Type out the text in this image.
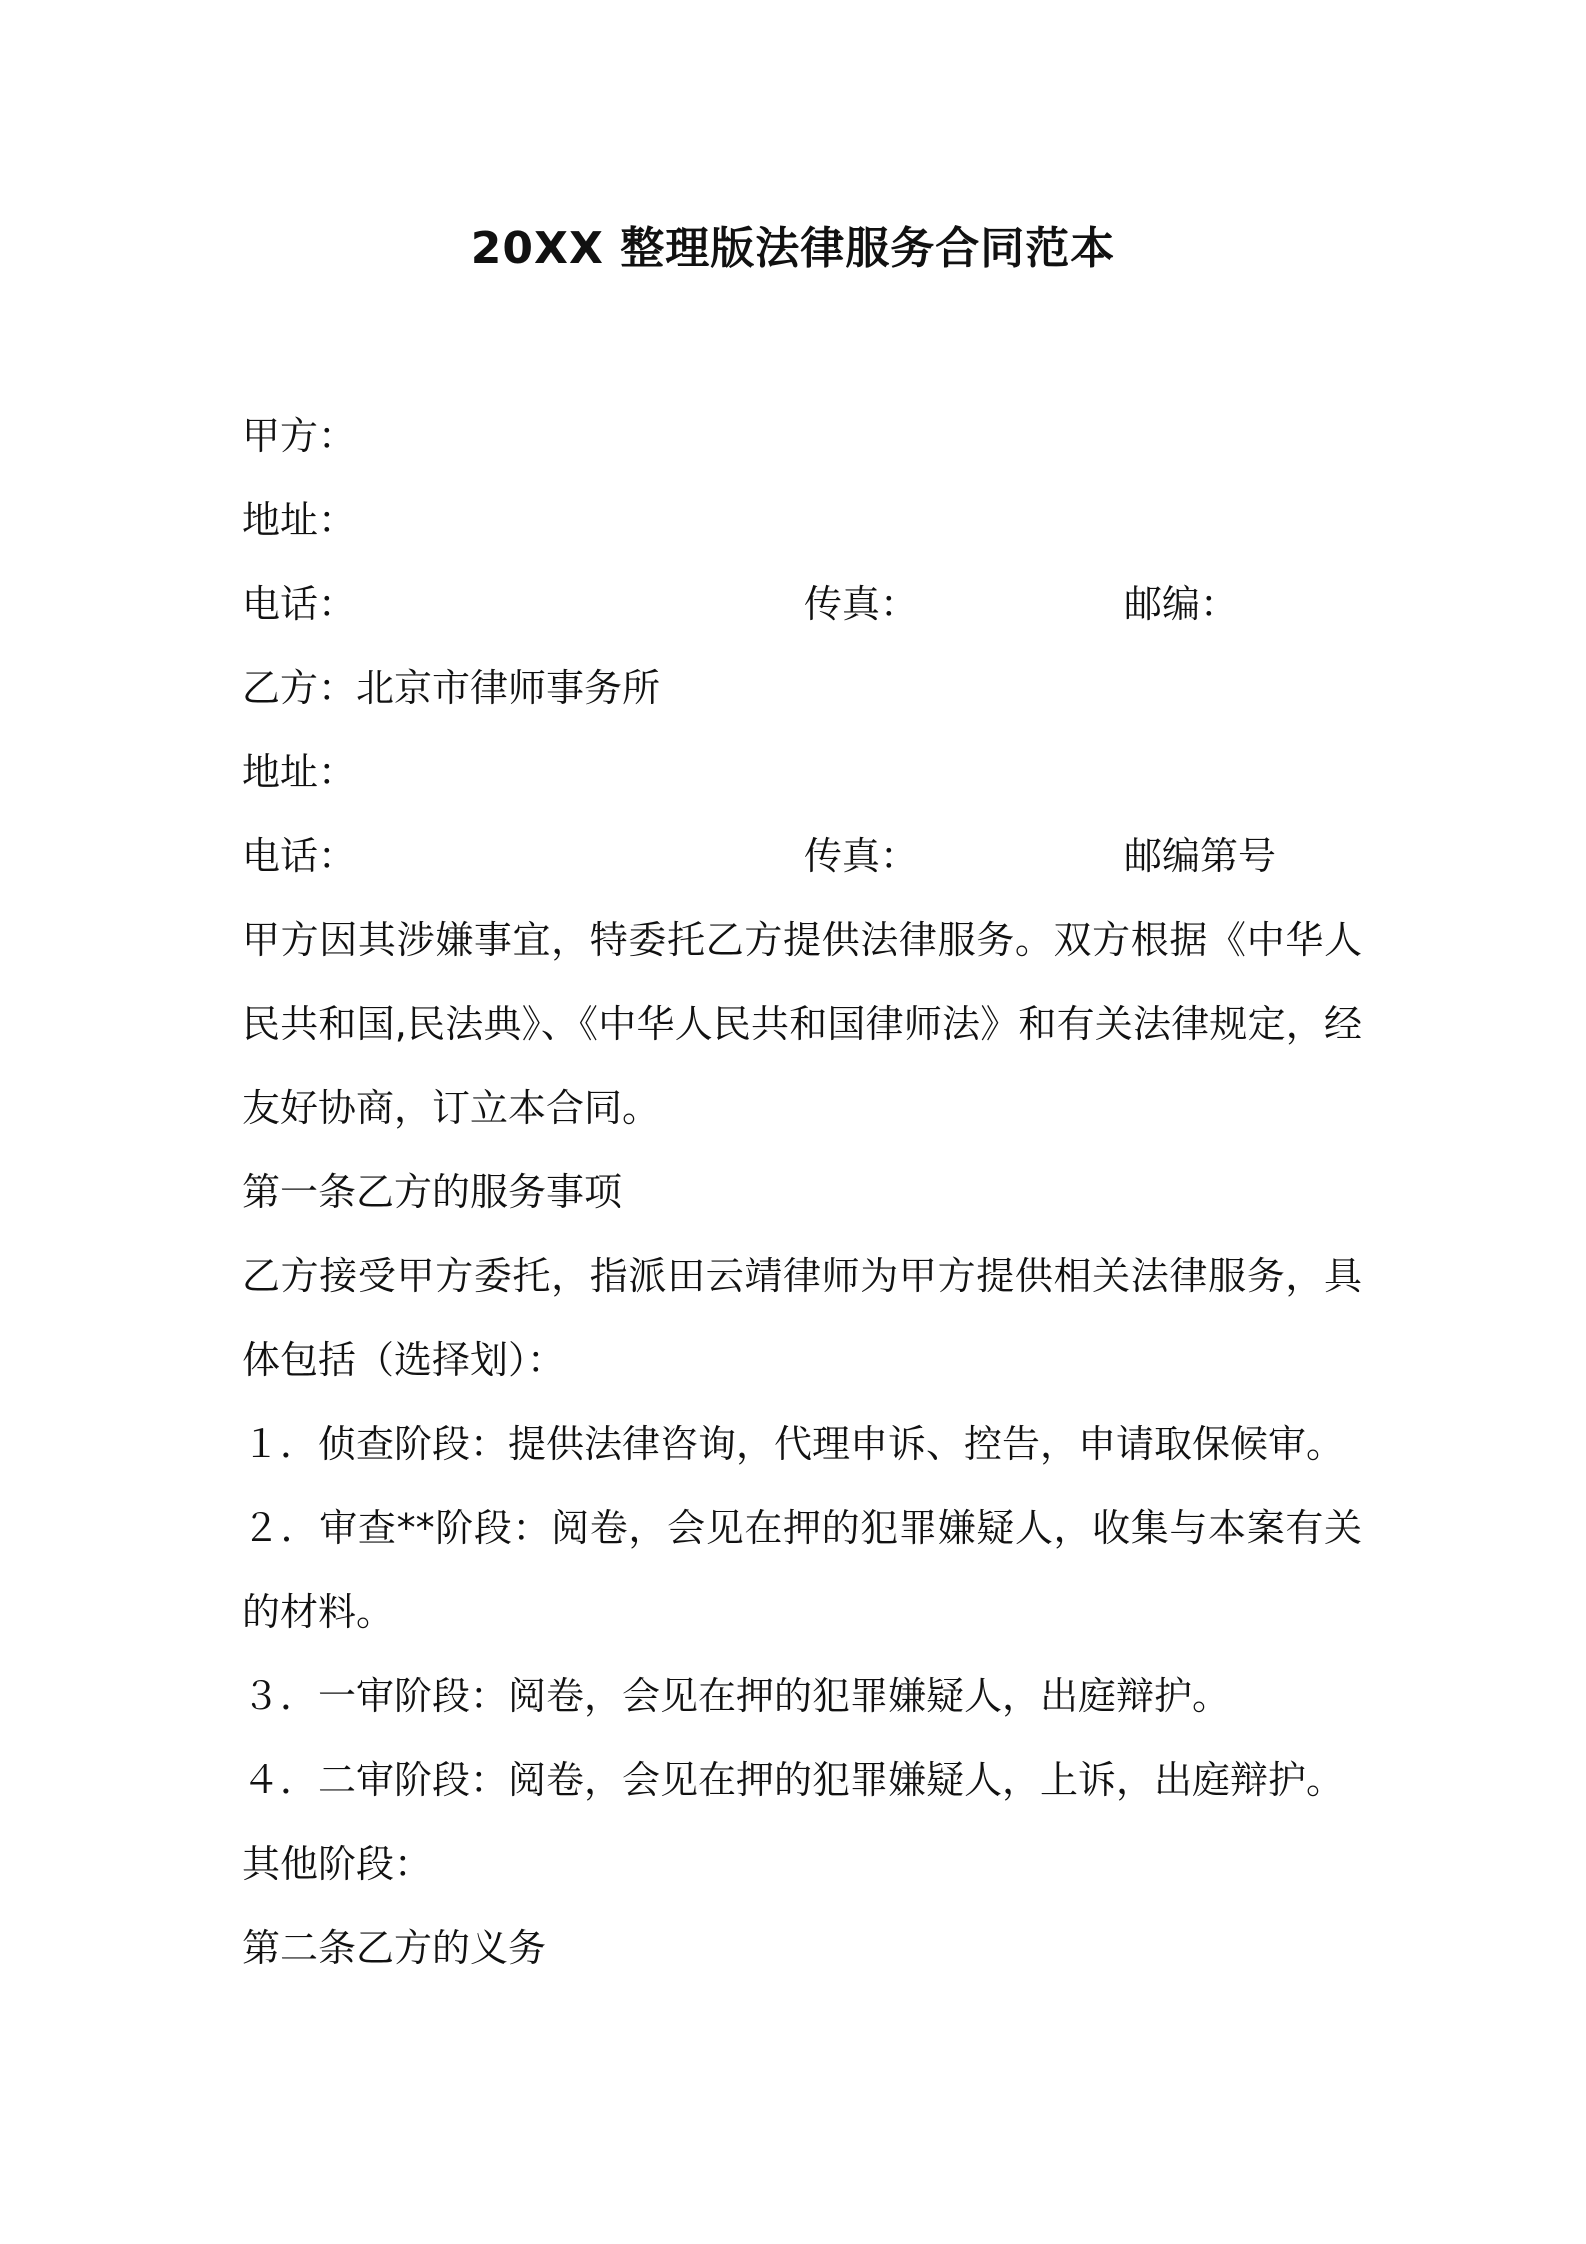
20XX 整理版法律服务合同范本
甲方：
地址：
电话：	传真：	邮编：
乙方：北京市律师事务所
地址：
电话：	传真：	邮编第号

甲方因其涉嫌事宜，特委托乙方提供法律服务。双方根据《中华人民共和国,民法典》、《中华人民共和国律师法》和有关法律规定，经友好协商，订立本合同。

第一条乙方的服务事项

乙方接受甲方委托，指派田云靖律师为甲方提供相关法律服务，具体包括（选择划）：

１．侦查阶段：提供法律咨询，代理申诉、控告，申请取保候审。

２．审查**阶段：阅卷，会见在押的犯罪嫌疑人，收集与本案有关的材料。

３．一审阶段：阅卷，会见在押的犯罪嫌疑人，出庭辩护。

４．二审阶段：阅卷，会见在押的犯罪嫌疑人，上诉，出庭辩护。

其他阶段：
第二条乙方的义务
